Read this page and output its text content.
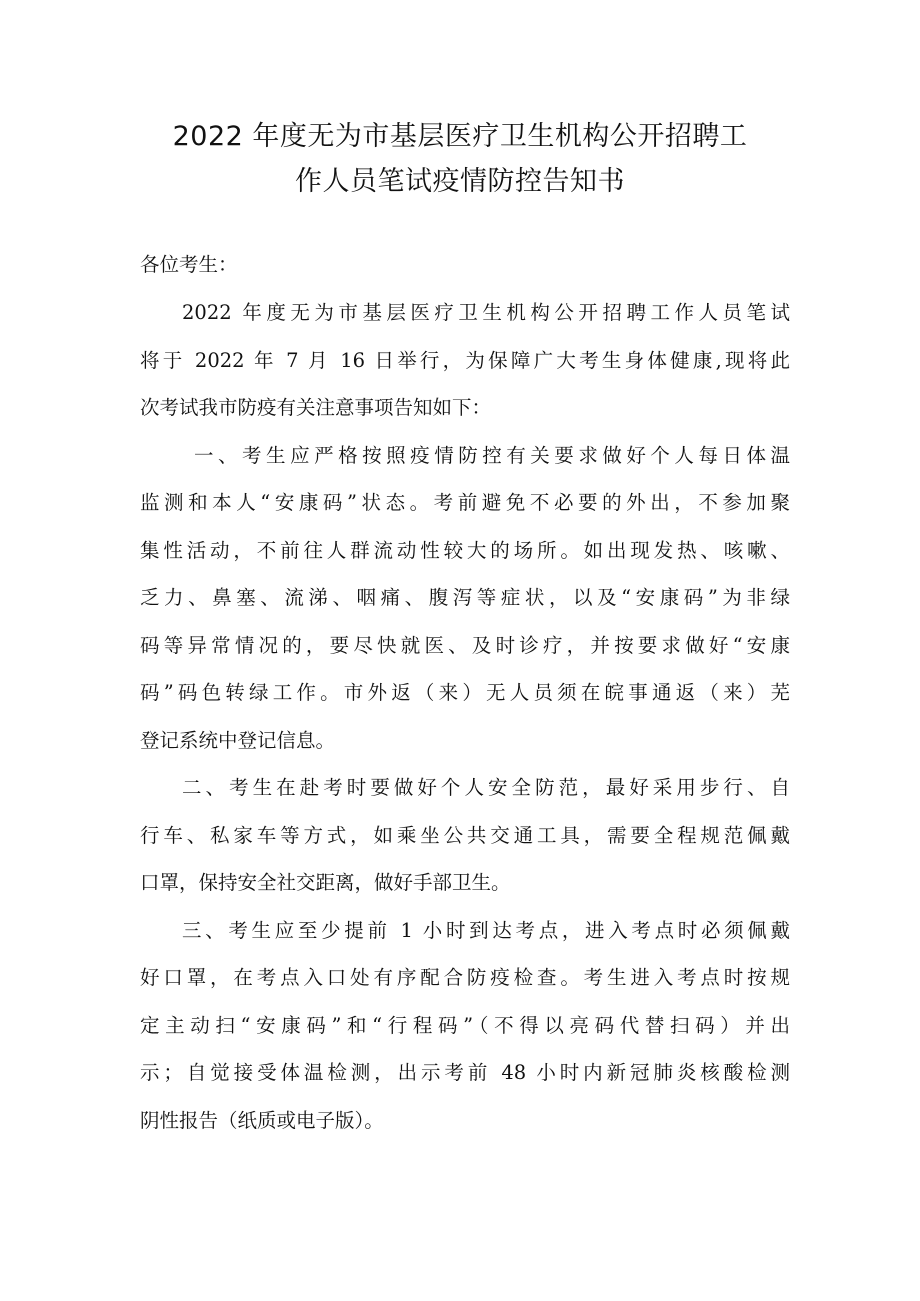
2022 年度无为市基层医疗卫生机构公开招聘工
作人员笔试疫情防控告知书
各位考生：
2022 年度无为市基层医疗卫生机构公开招聘工作人员笔试
将于 2022 年 7 月 16 日举行，为保障广大考生身体健康,现将此
次考试我市防疫有关注意事项告知如下：
一、考生应严格按照疫情防控有关要求做好个人每日体温
监测和本人“安康码”状态。考前避免不必要的外出，不参加聚
集性活动，不前往人群流动性较大的场所。如出现发热、咳嗽、
乏力、鼻塞、流涕、咽痛、腹泻等症状，以及“安康码”为非绿
码等异常情况的，要尽快就医、及时诊疗，并按要求做好“安康
码”码色转绿工作。市外返（来）无人员须在皖事通返（来）芜
登记系统中登记信息。
二、考生在赴考时要做好个人安全防范，最好采用步行、自
行车、私家车等方式，如乘坐公共交通工具，需要全程规范佩戴
口罩，保持安全社交距离，做好手部卫生。
三、考生应至少提前 1 小时到达考点，进入考点时必须佩戴
好口罩，在考点入口处有序配合防疫检查。考生进入考点时按规
定主动扫“安康码”和“行程码”（不得以亮码代替扫码）并出
示；自觉接受体温检测，出示考前 48 小时内新冠肺炎核酸检测
阴性报告（纸质或电子版）。
